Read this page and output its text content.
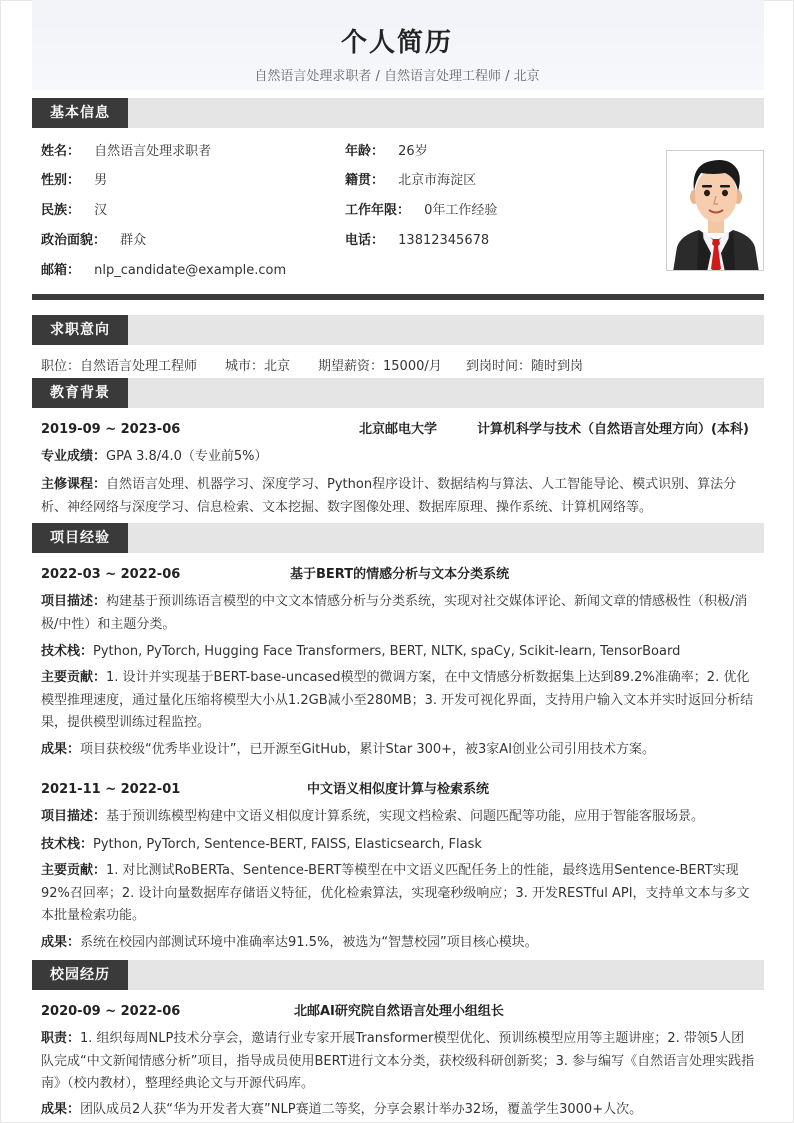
个人简历
自然语言处理求职者 / 自然语言处理工程师 / 北京
基本信息
姓名： 自然语言处理求职者
性别： 男
民族： 汉
政治面貌： 群众
邮箱： nlp_candidate@example.com
年龄： 26岁
籍贯： 北京市海淀区
工作年限： 0年工作经验
电话： 13812345678
求职意向
职位：自然语言处理工程师 城市：北京 期望薪资：15000/月 到岗时间：随时到岗
教育背景
2019-09 ~ 2023-06	北京邮电大学	计算机科学与技术（自然语言处理方向）(本科)
专业成绩：GPA 3.8/4.0（专业前5%）
主修课程：自然语言处理、机器学习、深度学习、Python程序设计、数据结构与算法、人工智能导论、模式识别、算法分析、神经网络与深度学习、信息检索、文本挖掘、数字图像处理、数据库原理、操作系统、计算机网络等。
项目经验
2022-03 ~ 2022-06	基于BERT的情感分析与文本分类系统
项目描述：构建基于预训练语言模型的中文文本情感分析与分类系统，实现对社交媒体评论、新闻文章的情感极性（积极/消极/中性）和主题分类。
技术栈：Python, PyTorch, Hugging Face Transformers, BERT, NLTK, spaCy, Scikit-learn, TensorBoard
主要贡献：1. 设计并实现基于BERT-base-uncased模型的微调方案，在中文情感分析数据集上达到89.2%准确率；2. 优化模型推理速度，通过量化压缩将模型大小从1.2GB减小至280MB；3. 开发可视化界面，支持用户输入文本并实时返回分析结果，提供模型训练过程监控。
成果：项目获校级“优秀毕业设计”，已开源至GitHub，累计Star 300+，被3家AI创业公司引用技术方案。
2021-11 ~ 2022-01	中文语义相似度计算与检索系统
项目描述：基于预训练模型构建中文语义相似度计算系统，实现文档检索、问题匹配等功能，应用于智能客服场景。
技术栈：Python, PyTorch, Sentence-BERT, FAISS, Elasticsearch, Flask
主要贡献：1. 对比测试RoBERTa、Sentence-BERT等模型在中文语义匹配任务上的性能，最终选用Sentence-BERT实现92%召回率；2. 设计向量数据库存储语义特征，优化检索算法，实现毫秒级响应；3. 开发RESTful API，支持单文本与多文本批量检索功能。
成果：系统在校园内部测试环境中准确率达91.5%，被选为“智慧校园”项目核心模块。
校园经历
2020-09 ~ 2022-06	北邮AI研究院自然语言处理小组组长
职责：1. 组织每周NLP技术分享会，邀请行业专家开展Transformer模型优化、预训练模型应用等主题讲座；2. 带领5人团队完成“中文新闻情感分析”项目，指导成员使用BERT进行文本分类，获校级科研创新奖；3. 参与编写《自然语言处理实践指南》（校内教材），整理经典论文与开源代码库。
成果：团队成员2人获“华为开发者大赛”NLP赛道二等奖，分享会累计举办32场，覆盖学生3000+人次。
